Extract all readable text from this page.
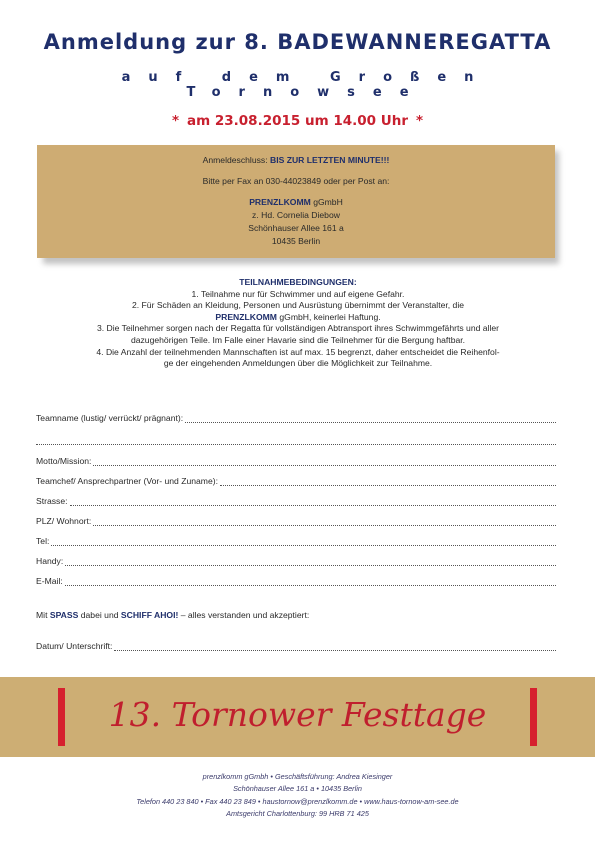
Anmeldung zur 8. BADEWANNEREGATTA
auf dem Großen Tornowsee
* am 23.08.2015 um 14.00 Uhr *
Anmeldeschluss: BIS ZUR LETZTEN MINUTE!!!
Bitte per Fax an 030-44023849 oder per Post an:
PRENZLKOMM gGmbH
z. Hd. Cornelia Diebow
Schönhauser Allee 161 a
10435 Berlin
TEILNAHMEBEDINGUNGEN:
1. Teilnahme nur für Schwimmer und auf eigene Gefahr.
2. Für Schäden an Kleidung, Personen und Ausrüstung übernimmt der Veranstalter, die
PRENZLKOMM gGmbH, keinerlei Haftung.
3. Die Teilnehmer sorgen nach der Regatta für vollständigen Abtransport ihres Schwimmgefährts und aller
dazugehörigen Teile. Im Falle einer Havarie sind die Teilnehmer für die Bergung haftbar.
4. Die Anzahl der teilnehmenden Mannschaften ist auf max. 15 begrenzt, daher entscheidet die Reihenfol-
ge der eingehenden Anmeldungen über die Möglichkeit zur Teilnahme.
Teamname (lustig/ verrückt/ prägnant):
Motto/Mission:
Teamchef/ Ansprechpartner (Vor- und Zuname):
Strasse:
PLZ/ Wohnort:
Tel:
Handy:
E-Mail:
Mit SPASS dabei und SCHIFF AHOI! – alles verstanden und akzeptiert:
Datum/ Unterschrift:
13. Tornower Festtage
prenzlkomm gGmbh • Geschäftsführung: Andrea Kiesinger
Schönhauser Allee 161 a • 10435 Berlin
Telefon 440 23 840 • Fax 440 23 849 • haustornow@prenzlkomm.de • www.haus-tornow-am-see.de
Amtsgericht Charlottenburg: 99 HRB 71 425
